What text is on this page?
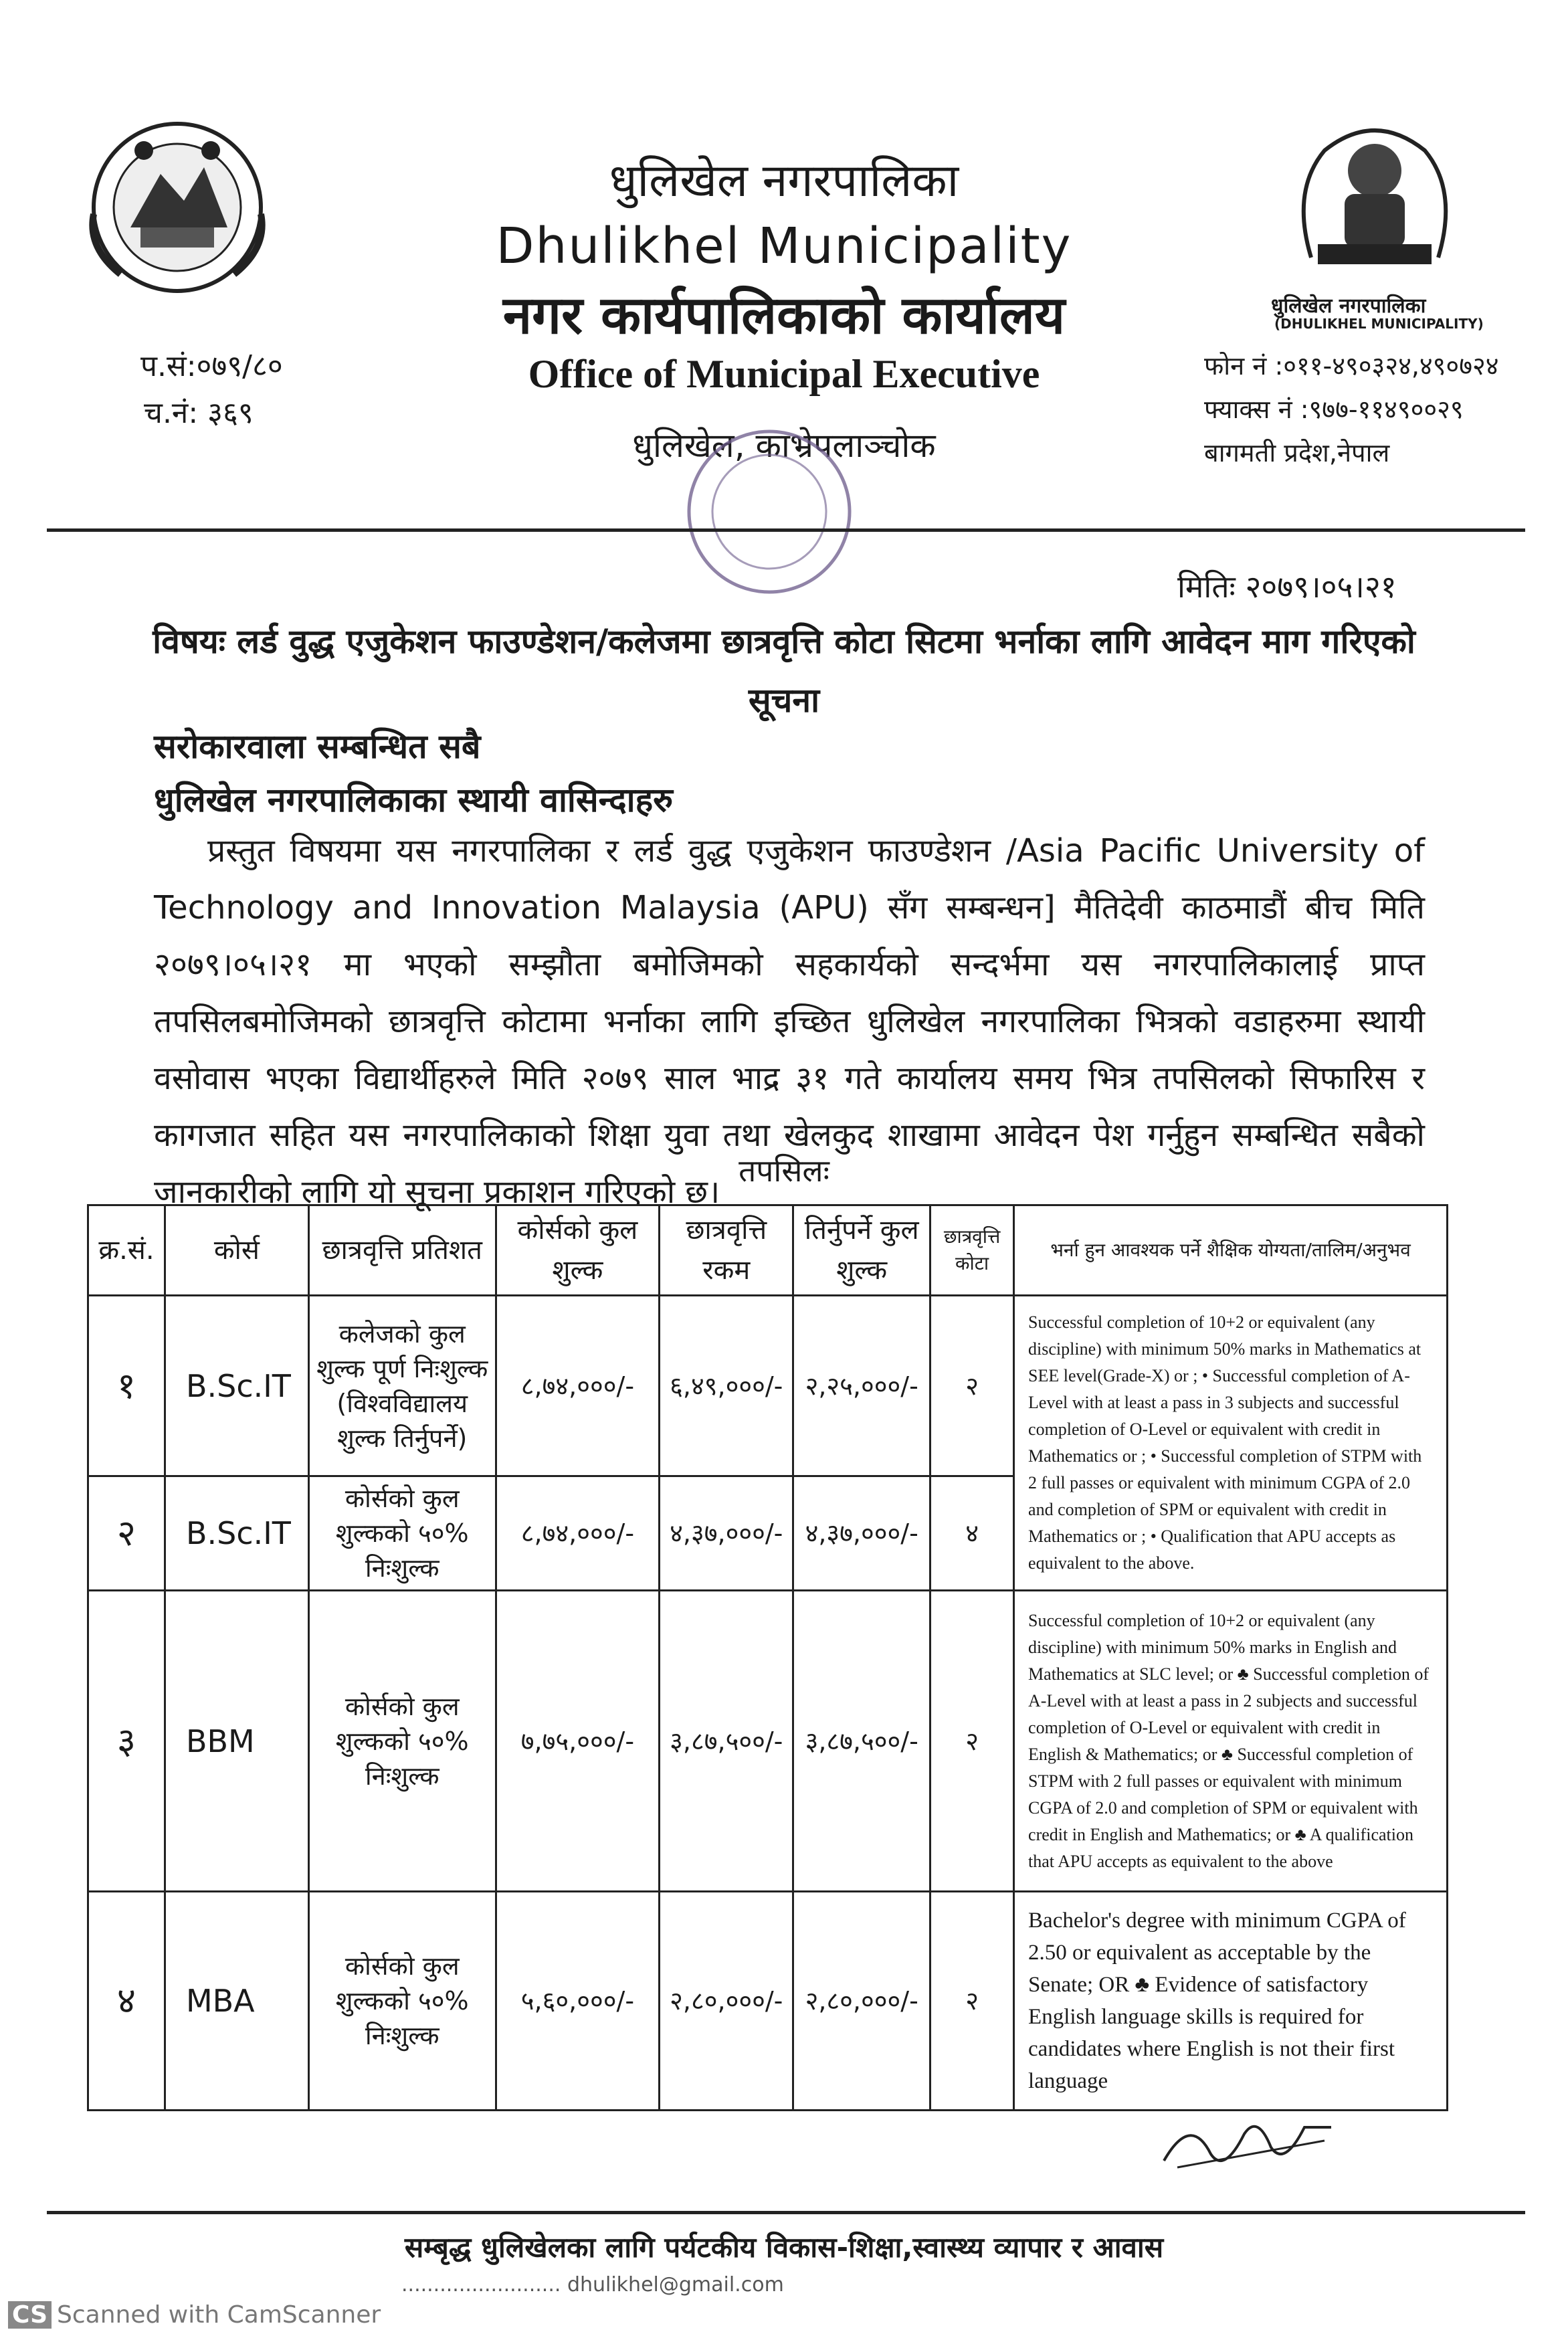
धुलिखेल नगरपालिका
(DHULIKHEL MUNICIPALITY)
धुलिखेल नगरपालिका
Dhulikhel Municipality
नगर कार्यपालिकाको कार्यालय
Office of Municipal Executive
धुलिखेल, काभ्रेपलाञ्चोक
प.सं:०७९/८०
च.नं: ३६९
फोन नं :०११-४९०३२४,४९०७२४
फ्याक्स नं :९७७-११४९००२९
बागमती प्रदेश,नेपाल
मितिः २०७९।०५।२१
विषयः लर्ड वुद्ध एजुकेशन फाउण्डेशन/कलेजमा छात्रवृत्ति कोटा सिटमा भर्नाका लागि आवेदन माग गरिएको सूचना
सरोकारवाला सम्बन्धित सबै
धुलिखेल नगरपालिकाका स्थायी वासिन्दाहरु

प्रस्तुत विषयमा यस नगरपालिका र लर्ड वुद्ध एजुकेशन फाउण्डेशन /Asia Pacific University of Technology and Innovation Malaysia (APU) सँग सम्बन्धन] मैतिदेवी काठमाडौं बीच मिति २०७९।०५।२१ मा भएको सम्झौता बमोजिमको सहकार्यको सन्दर्भमा यस नगरपालिकालाई प्राप्त तपसिलबमोजिमको छात्रवृत्ति कोटामा भर्नाका लागि इच्छित धुलिखेल नगरपालिका भित्रको वडाहरुमा स्थायी वसोवास भएका विद्यार्थीहरुले मिति २०७९ साल भाद्र ३१ गते कार्यालय समय भित्र तपसिलको सिफारिस र कागजात सहित यस नगरपालिकाको शिक्षा युवा तथा खेलकुद शाखामा आवेदन पेश गर्नुहुन सम्बन्धित सबैको जानकारीको लागि यो सूचना प्रकाशन गरिएको छ।

तपसिलः
क्र.सं.	कोर्स	छात्रवृत्ति प्रतिशत	कोर्सको कुल शुल्क	छात्रवृत्ति रकम	तिर्नुपर्ने कुल शुल्क	छात्रवृत्ति कोटा	भर्ना हुन आवश्यक पर्ने शैक्षिक योग्यता/तालिम/अनुभव
१	B.Sc.IT	कलेजको कुल शुल्क पूर्ण निःशुल्क (विश्वविद्यालय शुल्क तिर्नुपर्ने)	८,७४,०००/-	६,४९,०००/-	२,२५,०००/-	२	Successful completion of 10+2 or equivalent (any discipline) with minimum 50% marks in Mathematics at SEE level(Grade-X) or ; • Successful completion of A-Level with at least a pass in 3 subjects and successful completion of O-Level or equivalent with credit in Mathematics or ; • Successful completion of STPM with 2 full passes or equivalent with minimum CGPA of 2.0 and completion of SPM or equivalent with credit in Mathematics or ; • Qualification that APU accepts as equivalent to the above.
२	B.Sc.IT	कोर्सको कुल शुल्कको ५०% निःशुल्क	८,७४,०००/-	४,३७,०००/-	४,३७,०००/-	४	
३	BBM	कोर्सको कुल शुल्कको ५०% निःशुल्क	७,७५,०००/-	३,८७,५००/-	३,८७,५००/-	२	Successful completion of 10+2 or equivalent (any discipline) with minimum 50% marks in English and Mathematics at SLC level; or ♣ Successful completion of A-Level with at least a pass in 2 subjects and successful completion of O-Level or equivalent with credit in English & Mathematics; or ♣ Successful completion of STPM with 2 full passes or equivalent with minimum CGPA of 2.0 and completion of SPM or equivalent with credit in English and Mathematics; or ♣ A qualification that APU accepts as equivalent to the above
४	MBA	कोर्सको कुल शुल्कको ५०% निःशुल्क	५,६०,०००/-	२,८०,०००/-	२,८०,०००/-	२	Bachelor's degree with minimum CGPA of 2.50 or equivalent as acceptable by the Senate; OR ♣ Evidence of satisfactory English language skills is required for candidates where English is not their first language
सम्बृद्ध धुलिखेलका लागि पर्यटकीय विकास-शिक्षा,स्वास्थ्य व्यापार र आवास
......................... dhulikhel@gmail.com
CS Scanned with CamScanner
